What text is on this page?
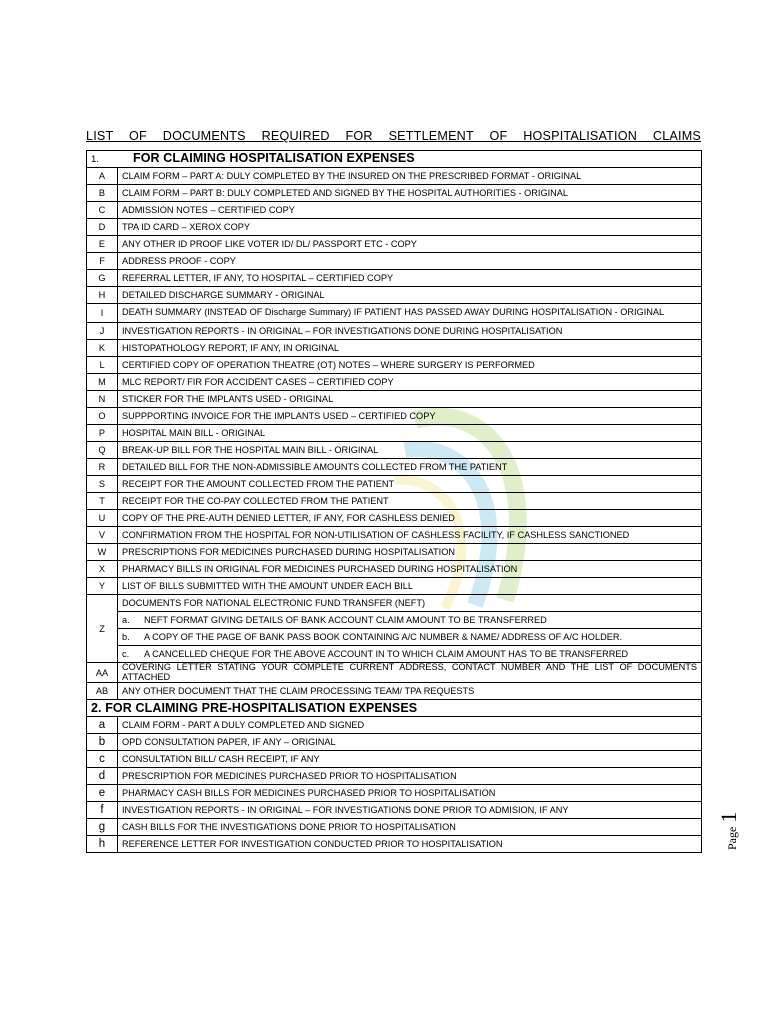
LIST OF DOCUMENTS REQUIRED FOR SETTLEMENT OF HOSPITALISATION CLAIMS
1. FOR CLAIMING HOSPITALISATION EXPENSES	
A	CLAIM FORM – PART A: DULY COMPLETED BY THE INSURED ON THE PRESCRIBED FORMAT - ORIGINAL
B	CLAIM FORM – PART B: DULY COMPLETED AND SIGNED BY THE HOSPITAL AUTHORITIES - ORIGINAL
C	ADMISSION NOTES – CERTIFIED COPY
D	TPA ID CARD – XEROX COPY
E	ANY OTHER ID PROOF LIKE VOTER ID/ DL/ PASSPORT ETC - COPY
F	ADDRESS PROOF - COPY
G	REFERRAL LETTER, IF ANY, TO HOSPITAL – CERTIFIED COPY
H	DETAILED DISCHARGE SUMMARY - ORIGINAL
I	DEATH SUMMARY (INSTEAD OF Discharge Summary) IF PATIENT HAS PASSED AWAY DURING HOSPITALISATION - ORIGINAL
J	INVESTIGATION REPORTS - IN ORIGINAL – FOR INVESTIGATIONS DONE DURING HOSPITALISATION
K	HISTOPATHOLOGY REPORT, IF ANY, IN ORIGINAL
L	CERTIFIED COPY OF OPERATION THEATRE (OT) NOTES – WHERE SURGERY IS PERFORMED
M	MLC REPORT/ FIR FOR ACCIDENT CASES – CERTIFIED COPY
N	STICKER FOR THE IMPLANTS USED - ORIGINAL
O	SUPPPORTING INVOICE FOR THE IMPLANTS USED – CERTIFIED COPY
P	HOSPITAL MAIN BILL - ORIGINAL
Q	BREAK-UP BILL FOR THE HOSPITAL MAIN BILL - ORIGINAL
R	DETAILED BILL FOR THE NON-ADMISSIBLE AMOUNTS COLLECTED FROM THE PATIENT
S	RECEIPT FOR THE AMOUNT COLLECTED FROM THE PATIENT
T	RECEIPT FOR THE CO-PAY COLLECTED FROM THE PATIENT
U	COPY OF THE PRE-AUTH DENIED LETTER, IF ANY, FOR CASHLESS DENIED
V	CONFIRMATION FROM THE HOSPITAL FOR NON-UTILISATION OF CASHLESS FACILITY, IF CASHLESS SANCTIONED
W	PRESCRIPTIONS FOR MEDICINES PURCHASED DURING HOSPITALISATION
X	PHARMACY BILLS IN ORIGINAL FOR MEDICINES PURCHASED DURING HOSPITALISATION
Y	LIST OF BILLS SUBMITTED WITH THE AMOUNT UNDER EACH BILL
Z	DOCUMENTS FOR NATIONAL ELECTRONIC FUND TRANSFER (NEFT)
	a. NEFT FORMAT GIVING DETAILS OF BANK ACCOUNT CLAIM AMOUNT TO BE TRANSFERRED
	b. A COPY OF THE PAGE OF BANK PASS BOOK CONTAINING A/C NUMBER & NAME/ ADDRESS OF A/C HOLDER.
	c. A CANCELLED CHEQUE FOR THE ABOVE ACCOUNT IN TO WHICH CLAIM AMOUNT HAS TO BE TRANSFERRED
AA	COVERING LETTER STATING YOUR COMPLETE CURRENT ADDRESS, CONTACT NUMBER AND THE LIST OF DOCUMENTS ATTACHED
AB	ANY OTHER DOCUMENT THAT THE CLAIM PROCESSING TEAM/ TPA REQUESTS
2. FOR CLAIMING PRE-HOSPITALISATION EXPENSES	
a	CLAIM FORM - PART A DULY COMPLETED AND SIGNED
b	OPD CONSULTATION PAPER, IF ANY – ORIGINAL
c	CONSULTATION BILL/ CASH RECEIPT, IF ANY
d	PRESCRIPTION FOR MEDICINES PURCHASED PRIOR TO HOSPITALISATION
e	PHARMACY CASH BILLS FOR MEDICINES PURCHASED PRIOR TO HOSPITALISATION
f	INVESTIGATION REPORTS - IN ORIGINAL – FOR INVESTIGATIONS DONE PRIOR TO ADMISION, IF ANY
g	CASH BILLS FOR THE INVESTIGATIONS DONE PRIOR TO HOSPITALISATION
h	REFERENCE LETTER FOR INVESTIGATION CONDUCTED PRIOR TO HOSPITALISATION	Page 1
